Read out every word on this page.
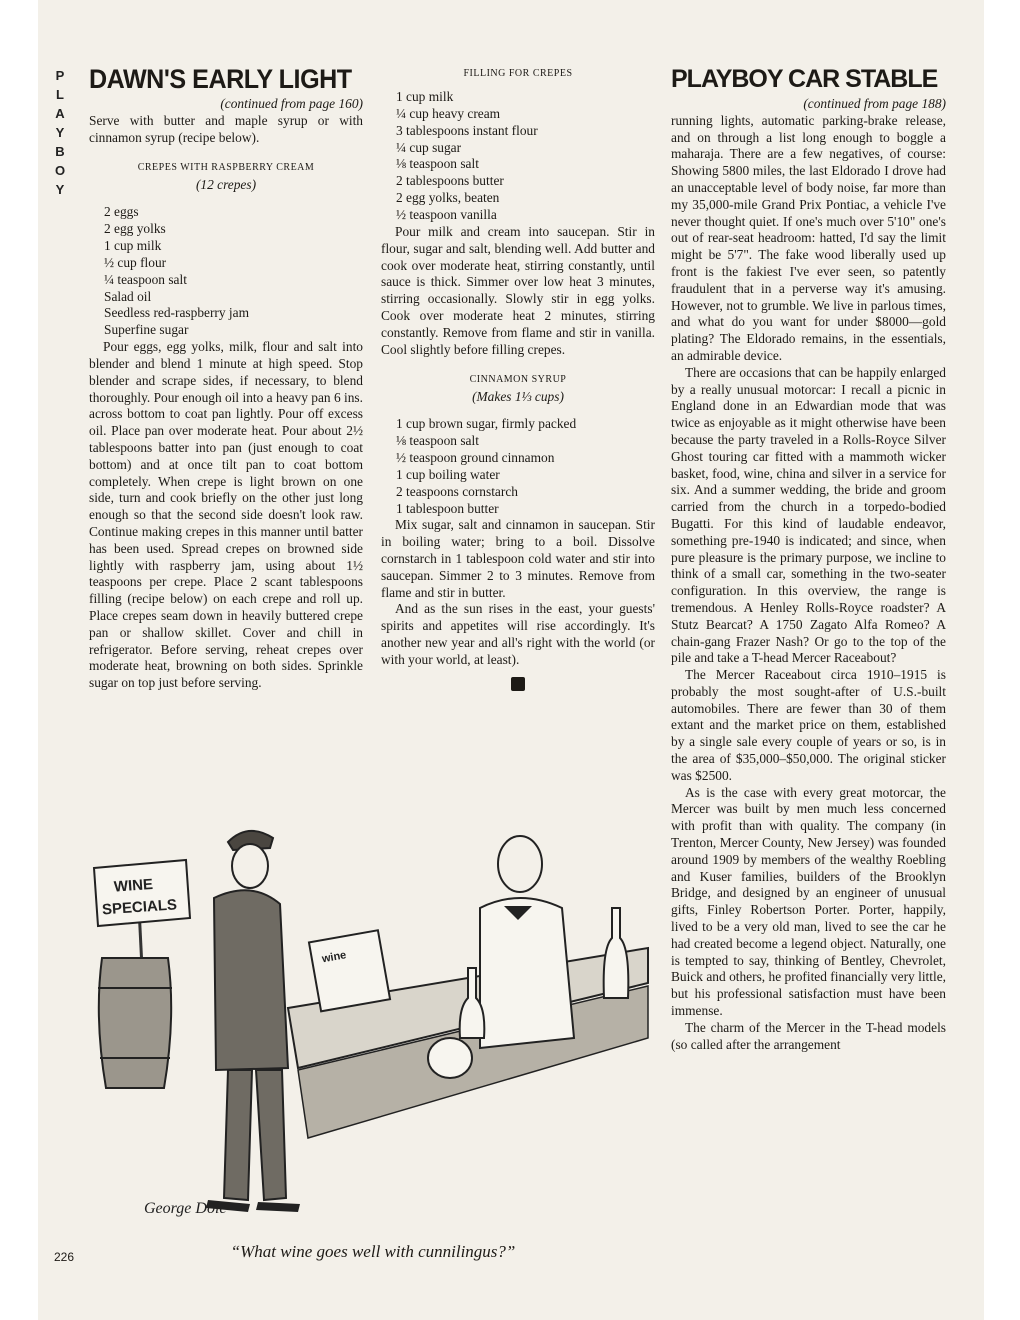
PLAYBOY
DAWN'S EARLY LIGHT
(continued from page 160)

Serve with butter and maple syrup or with cinnamon syrup (recipe below).

CREPES WITH RASPBERRY CREAM
(12 crepes)
2 eggs
2 egg yolks
1 cup milk
½ cup flour
¼ teaspoon salt
Salad oil
Seedless red-raspberry jam
Superfine sugar

Pour eggs, egg yolks, milk, flour and salt into blender and blend 1 minute at high speed. Stop blender and scrape sides, if necessary, to blend thoroughly. Pour enough oil into a heavy pan 6 ins. across bottom to coat pan lightly. Pour off excess oil. Place pan over moderate heat. Pour about 2½ tablespoons batter into pan (just enough to coat bottom) and at once tilt pan to coat bottom completely. When crepe is light brown on one side, turn and cook briefly on the other just long enough so that the second side doesn't look raw. Continue making crepes in this manner until batter has been used. Spread crepes on browned side lightly with raspberry jam, using about 1½ teaspoons per crepe. Place 2 scant tablespoons filling (recipe below) on each crepe and roll up. Place crepes seam down in heavily buttered crepe pan or shallow skillet. Cover and chill in refrigerator. Before serving, reheat crepes over moderate heat, browning on both sides. Sprinkle sugar on top just before serving.

FILLING FOR CREPES
1 cup milk
¼ cup heavy cream
3 tablespoons instant flour
¼ cup sugar
⅛ teaspoon salt
2 tablespoons butter
2 egg yolks, beaten
½ teaspoon vanilla

Pour milk and cream into saucepan. Stir in flour, sugar and salt, blending well. Add butter and cook over moderate heat, stirring constantly, until sauce is thick. Simmer over low heat 3 minutes, stirring occasionally. Slowly stir in egg yolks. Cook over moderate heat 2 minutes, stirring constantly. Remove from flame and stir in vanilla. Cool slightly before filling crepes.

CINNAMON SYRUP
(Makes 1⅓ cups)
1 cup brown sugar, firmly packed
⅛ teaspoon salt
½ teaspoon ground cinnamon
1 cup boiling water
2 teaspoons cornstarch
1 tablespoon butter

Mix sugar, salt and cinnamon in saucepan. Stir in boiling water; bring to a boil. Dissolve cornstarch in 1 tablespoon cold water and stir into saucepan. Simmer 2 to 3 minutes. Remove from flame and stir in butter.

And as the sun rises in the east, your guests' spirits and appetites will rise accordingly. It's another new year and all's right with the world (or with your world, at least).

PLAYBOY CAR STABLE
(continued from page 188)

running lights, automatic parking-brake release, and on through a list long enough to boggle a maharaja. There are a few negatives, of course: Showing 5800 miles, the last Eldorado I drove had an unacceptable level of body noise, far more than my 35,000-mile Grand Prix Pontiac, a vehicle I've never thought quiet. If one's much over 5'10" one's out of rear-seat headroom: hatted, I'd say the limit might be 5'7". The fake wood liberally used up front is the fakiest I've ever seen, so patently fraudulent that in a perverse way it's amusing. However, not to grumble. We live in parlous times, and what do you want for under $8000—gold plating? The Eldorado remains, in the essentials, an admirable device.

There are occasions that can be happily enlarged by a really unusual motorcar: I recall a picnic in England done in an Edwardian mode that was twice as enjoyable as it might otherwise have been because the party traveled in a Rolls-Royce Silver Ghost touring car fitted with a mammoth wicker basket, food, wine, china and silver in a service for six. And a summer wedding, the bride and groom carried from the church in a torpedo-bodied Bugatti. For this kind of laudable endeavor, something pre-1940 is indicated; and since, when pure pleasure is the primary purpose, we incline to think of a small car, something in the two-seater configuration. In this overview, the range is tremendous. A Henley Rolls-Royce roadster? A Stutz Bearcat? A 1750 Zagato Alfa Romeo? A chain-gang Frazer Nash? Or go to the top of the pile and take a T-head Mercer Raceabout?

The Mercer Raceabout circa 1910–1915 is probably the most sought-after of U.S.-built automobiles. There are fewer than 30 of them extant and the market price on them, established by a single sale every couple of years or so, is in the area of $35,000–$50,000. The original sticker was $2500.

As is the case with every great motorcar, the Mercer was built by men much less concerned with profit than with quality. The company (in Trenton, Mercer County, New Jersey) was founded around 1909 by members of the wealthy Roebling and Kuser families, builders of the Brooklyn Bridge, and designed by an engineer of unusual gifts, Finley Robertson Porter. Porter, happily, lived to be a very old man, lived to see the car he had created become a legend object. Naturally, one is tempted to say, thinking of Bentley, Chevrolet, Buick and others, he profited financially very little, but his professional satisfaction must have been immense.

The charm of the Mercer in the T-head models (so called after the arrangement

WINE
SPECIALS
wine
George Dole
“What wine goes well with cunnilingus?”
226
